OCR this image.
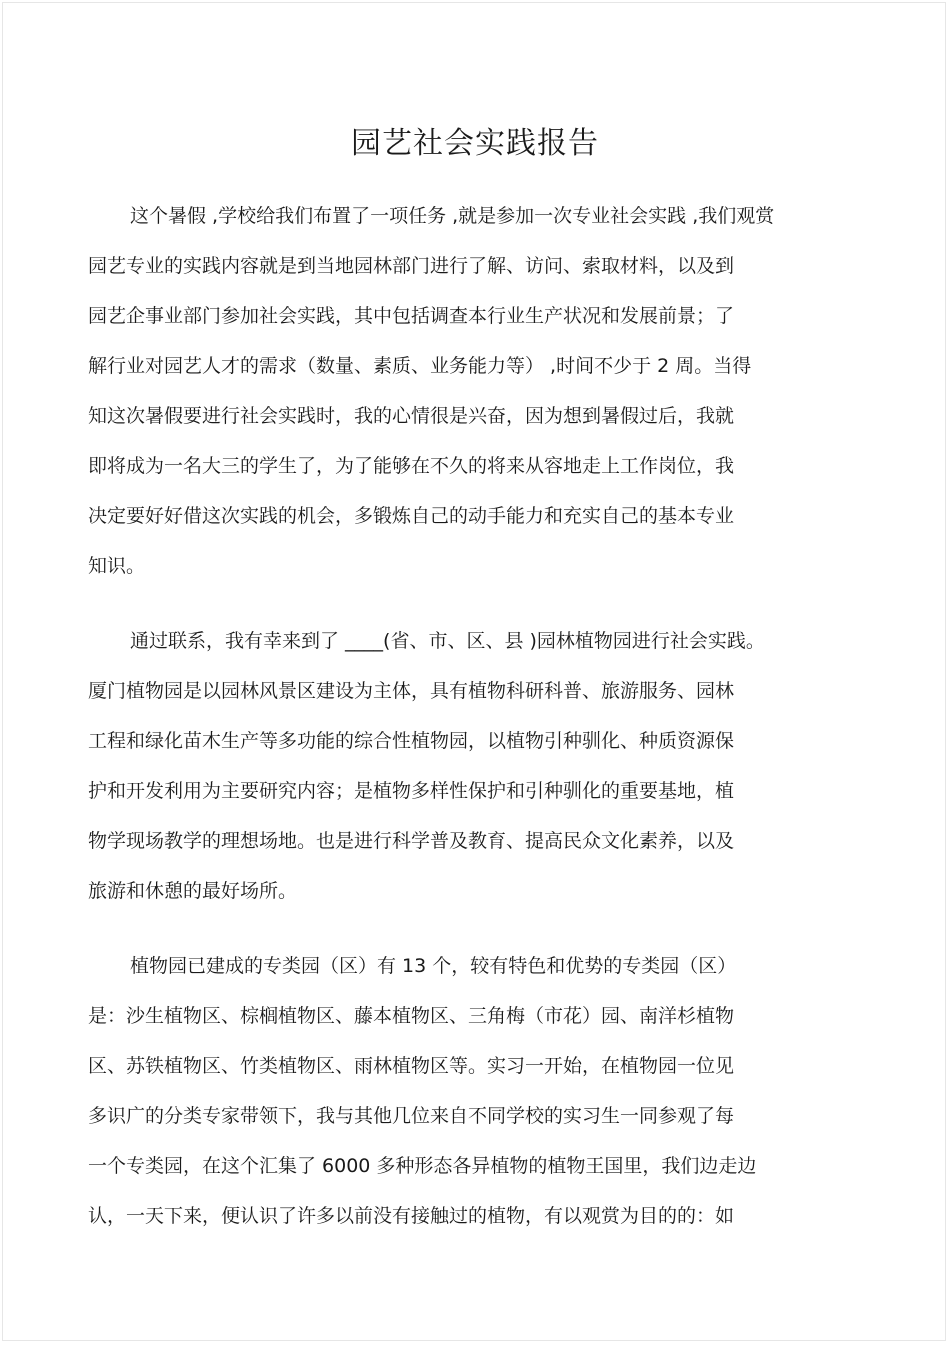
园艺社会实践报告
这个暑假 ,学校给我们布置了一项任务 ,就是参加一次专业社会实践 ,我们观赏
园艺专业的实践内容就是到当地园林部门进行了解、访问、索取材料，以及到
园艺企事业部门参加社会实践，其中包括调查本行业生产状况和发展前景；了
解行业对园艺人才的需求（数量、素质、业务能力等） ,时间不少于 2 周。当得
知这次暑假要进行社会实践时，我的心情很是兴奋，因为想到暑假过后，我就
即将成为一名大三的学生了，为了能够在不久的将来从容地走上工作岗位，我
决定要好好借这次实践的机会，多锻炼自己的动手能力和充实自己的基本专业
知识。
通过联系，我有幸来到了 ____(省、市、区、县 )园林植物园进行社会实践。
厦门植物园是以园林风景区建设为主体，具有植物科研科普、旅游服务、园林
工程和绿化苗木生产等多功能的综合性植物园，以植物引种驯化、种质资源保
护和开发利用为主要研究内容；是植物多样性保护和引种驯化的重要基地，植
物学现场教学的理想场地。也是进行科学普及教育、提高民众文化素养，以及
旅游和休憩的最好场所。
植物园已建成的专类园（区）有 13 个，较有特色和优势的专类园（区）
是：沙生植物区、棕榈植物区、藤本植物区、三角梅（市花）园、南洋杉植物
区、苏铁植物区、竹类植物区、雨林植物区等。实习一开始，在植物园一位见
多识广的分类专家带领下，我与其他几位来自不同学校的实习生一同参观了每
一个专类园，在这个汇集了 6000 多种形态各异植物的植物王国里，我们边走边
认，一天下来，便认识了许多以前没有接触过的植物，有以观赏为目的的：如
